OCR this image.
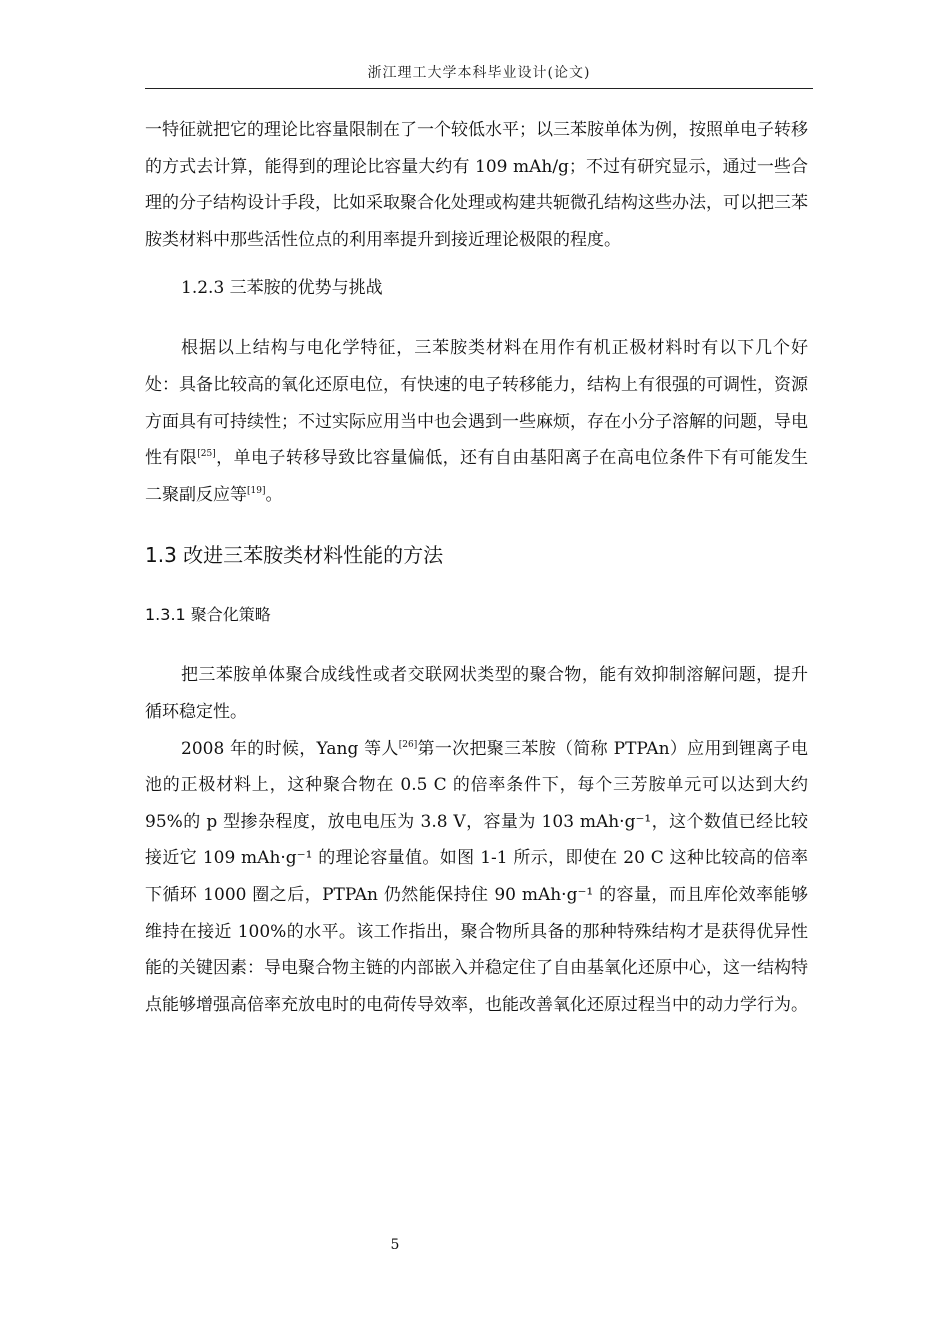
浙江理工大学本科毕业设计(论文)

一特征就把它的理论比容量限制在了一个较低水平；以三苯胺单体为例，按照单电子转移的方式去计算，能得到的理论比容量大约有 109 mAh/g；不过有研究显示，通过一些合理的分子结构设计手段，比如采取聚合化处理或构建共轭微孔结构这些办法，可以把三苯胺类材料中那些活性位点的利用率提升到接近理论极限的程度。

1.2.3 三苯胺的优势与挑战

根据以上结构与电化学特征，三苯胺类材料在用作有机正极材料时有以下几个好处：具备比较高的氧化还原电位，有快速的电子转移能力，结构上有很强的可调性，资源方面具有可持续性；不过实际应用当中也会遇到一些麻烦，存在小分子溶解的问题，导电性有限[25]，单电子转移导致比容量偏低，还有自由基阳离子在高电位条件下有可能发生二聚副反应等[19]。

1.3 改进三苯胺类材料性能的方法
1.3.1 聚合化策略

把三苯胺单体聚合成线性或者交联网状类型的聚合物，能有效抑制溶解问题，提升循环稳定性。

2008 年的时候，Yang 等人[26]第一次把聚三苯胺（简称 PTPAn）应用到锂离子电池的正极材料上，这种聚合物在 0.5 C 的倍率条件下，每个三芳胺单元可以达到大约 95%的 p 型掺杂程度，放电电压为 3.8 V，容量为 103 mAh·g⁻¹，这个数值已经比较接近它 109 mAh·g⁻¹ 的理论容量值。如图 1-1 所示，即使在 20 C 这种比较高的倍率下循环 1000 圈之后，PTPAn 仍然能保持住 90 mAh·g⁻¹ 的容量，而且库伦效率能够维持在接近 100%的水平。该工作指出，聚合物所具备的那种特殊结构才是获得优异性能的关键因素：导电聚合物主链的内部嵌入并稳定住了自由基氧化还原中心，这一结构特点能够增强高倍率充放电时的电荷传导效率，也能改善氧化还原过程当中的动力学行为。

5
